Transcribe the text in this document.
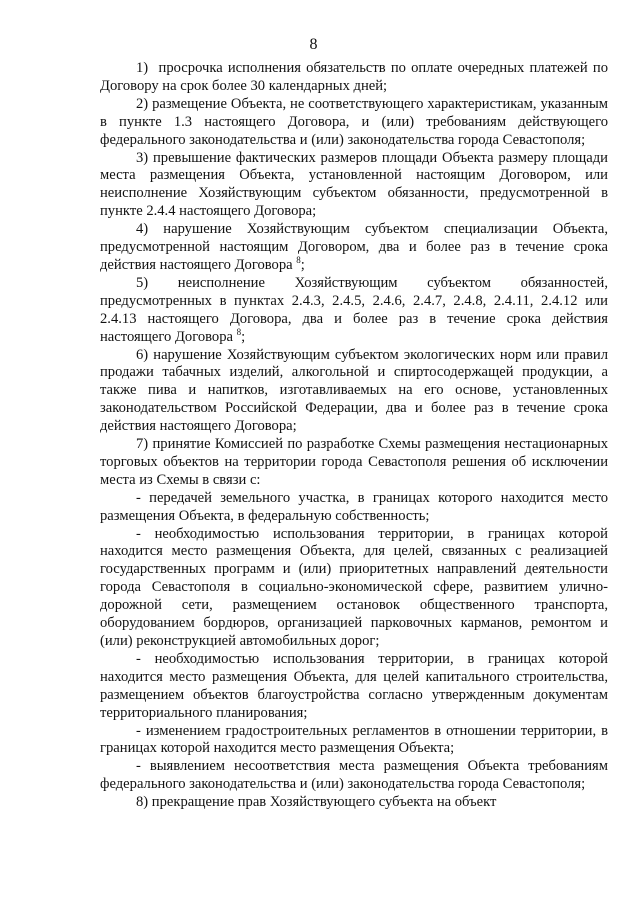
8

1)  просрочка исполнения обязательств по оплате очередных платежей по Договору на срок более 30 календарных дней;

2) размещение Объекта, не соответствующего характеристикам, указанным в пункте 1.3 настоящего Договора, и (или) требованиям действующего федерального законодательства и (или) законодательства города Севастополя;

3) превышение фактических размеров площади Объекта размеру площади места размещения Объекта, установленной настоящим Договором, или неисполнение Хозяйствующим субъектом обязанности, предусмотренной в пункте 2.4.4 настоящего Договора;

4) нарушение Хозяйствующим субъектом специализации Объекта, предусмотренной настоящим Договором, два и более раз в течение срока действия настоящего Договора $^8$;

5) неисполнение Хозяйствующим субъектом обязанностей, предусмотренных в пунктах 2.4.3, 2.4.5, 2.4.6, 2.4.7, 2.4.8, 2.4.11, 2.4.12 или 2.4.13 настоящего Договора, два и более раз в течение срока действия настоящего Договора $^8$;

6) нарушение Хозяйствующим субъектом экологических норм или правил продажи табачных изделий, алкогольной и спиртосодержащей продукции, а также пива и напитков, изготавливаемых на его основе, установленных законодательством Российской Федерации, два и более раз в течение срока действия настоящего Договора;

7) принятие Комиссией по разработке Схемы размещения нестационарных торговых объектов на территории города Севастополя решения об исключении места из Схемы в связи с:

- передачей земельного участка, в границах которого находится место размещения Объекта, в федеральную собственность;

- необходимостью использования территории, в границах которой находится место размещения Объекта, для целей, связанных с реализацией государственных программ и (или) приоритетных направлений деятельности города Севастополя в социально-экономической сфере, развитием улично-дорожной сети, размещением остановок общественного транспорта, оборудованием бордюров, организацией парковочных карманов, ремонтом и (или) реконструкцией автомобильных дорог;

- необходимостью использования территории, в границах которой находится место размещения Объекта, для целей капитального строительства, размещением объектов благоустройства согласно утвержденным документам территориального планирования;

- изменением градостроительных регламентов в отношении территории, в границах которой находится место размещения Объекта;

- выявлением несоответствия места размещения Объекта требованиям федерального законодательства и (или) законодательства города Севастополя;

8) прекращение прав Хозяйствующего субъекта на объект
